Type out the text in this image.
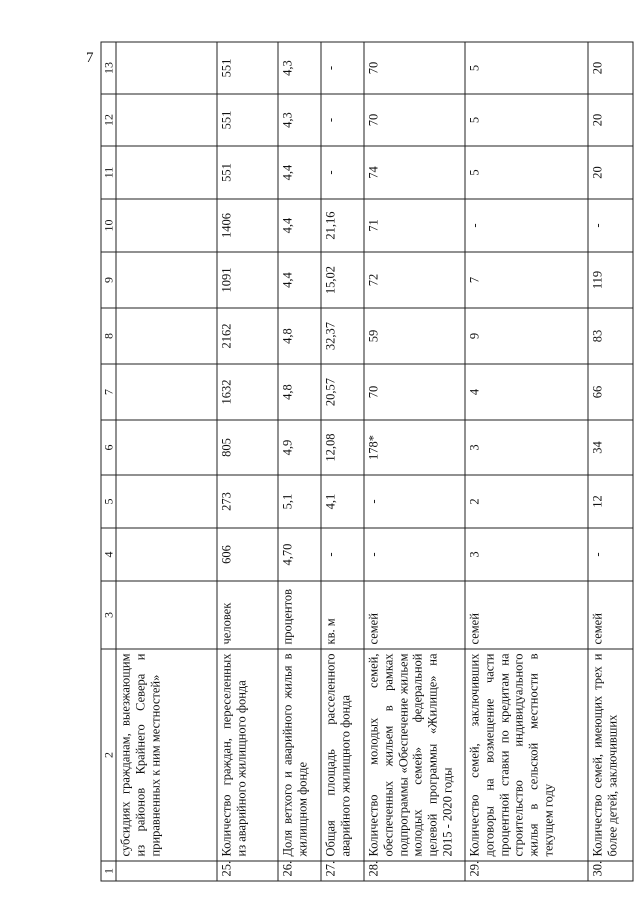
7
1	2	3	4	5	6	7	8	9	10	11	12	13
	субсидиях гражданам, выезжающим из районов Крайнего Севера и приравненных к ним местностей»											
25.	Количество граждан, переселенных из аварийного жилищного фонда	человек	606	273	805	1632	2162	1091	1406	551	551	551
26.	Доля ветхого и аварийного жилья в жилищном фонде	процентов	4,70	5,1	4,9	4,8	4,8	4,4	4,4	4,4	4,3	4,3
27.	Общая площадь расселенного аварийного жилищного фонда	кв. м	-	4,1	12,08	20,57	32,37	15,02	21,16	-	-	-
28.	Количество молодых семей, обеспеченных жильем в рамках подпрограммы «Обеспечение жильем молодых семей» федеральной целевой программы «Жилище» на 2015 - 2020 годы	семей	-	-	178*	70	59	72	71	74	70	70
29.	Количество семей, заключивших договоры на возмещение части процентной ставки по кредитам на строительство индивидуального жилья в сельской местности в текущем году	семей	3	2	3	4	9	7	-	5	5	5
30.	Количество семей, имеющих трех и более детей, заключивших	семей	-	12	34	66	83	119	-	20	20	20
